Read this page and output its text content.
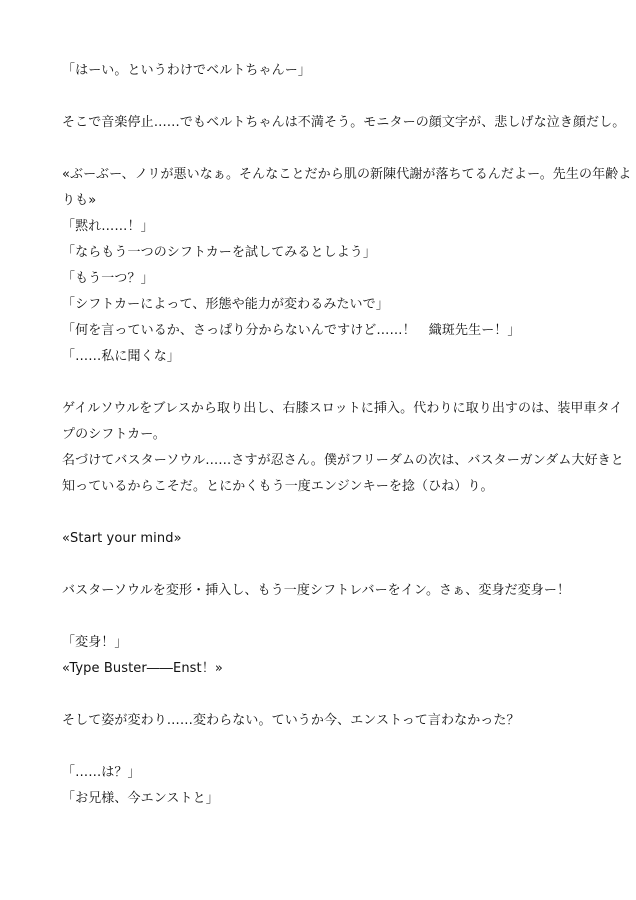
「はーい。というわけでベルトちゃんー」
そこで音楽停止……でもベルトちゃんは不満そう。モニターの顔文字が、悲しげな泣き顔だし。
«ぶーぶー、ノリが悪いなぁ。そんなことだから肌の新陳代謝が落ちてるんだよー。先生の年齢よ
りも»
「黙れ……！」
「ならもう一つのシフトカーを試してみるとしよう」
「もう一つ？」
「シフトカーによって、形態や能力が変わるみたいで」
「何を言っているか、さっぱり分からないんですけど……！　織斑先生ー！」
「……私に聞くな」
ゲイルソウルをブレスから取り出し、右膝スロットに挿入。代わりに取り出すのは、装甲車タイ
プのシフトカー。
名づけてバスターソウル……さすが忍さん。僕がフリーダムの次は、バスターガンダム大好きと
知っているからこそだ。とにかくもう一度エンジンキーを捻（ひね）り。
«Start your mind»
バスターソウルを変形・挿入し、もう一度シフトレバーをイン。さぁ、変身だ変身ー！
「変身！」
«Type Buster――Enst！»
そして姿が変わり……変わらない。ていうか今、エンストって言わなかった？
「……は？」
「お兄様、今エンストと」
